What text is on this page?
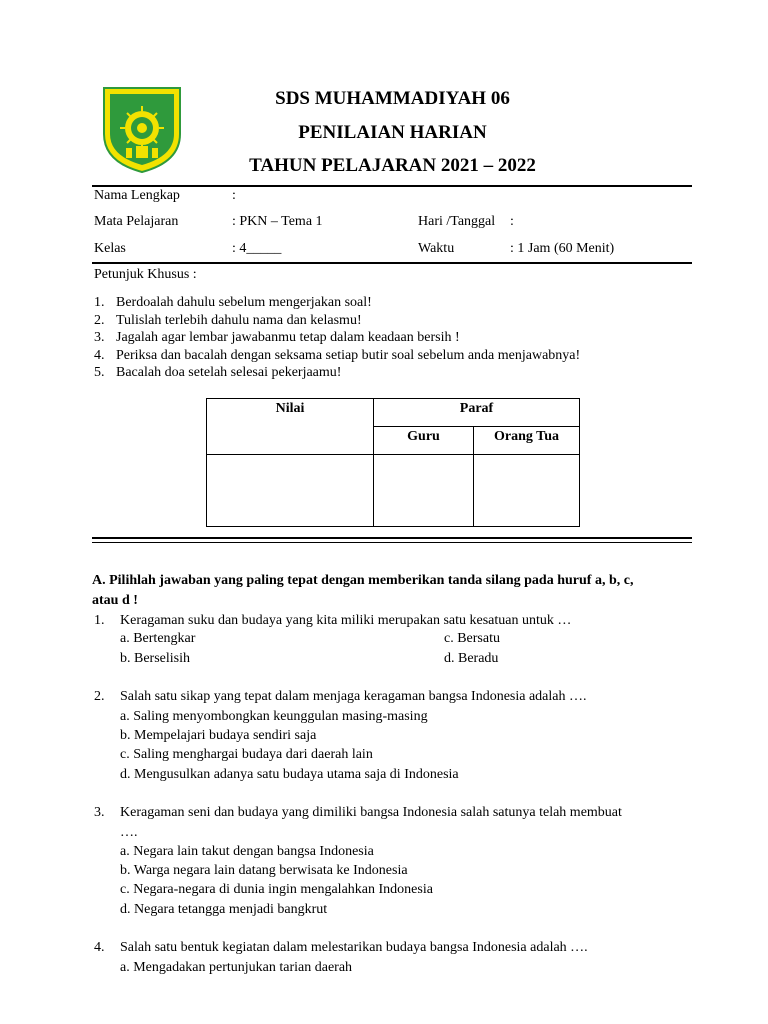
SDS MUHAMMADIYAH 06
PENILAIAN HARIAN
TAHUN PELAJARAN 2021 – 2022
Nama Lengkap	:
Mata Pelajaran	: PKN – Tema 1	Hari /Tanggal :
Kelas	: 4_____	Waktu	: 1 Jam (60 Menit)
Petunjuk Khusus :
1. Berdoalah dahulu sebelum mengerjakan soal!
2. Tulislah terlebih dahulu nama dan kelasmu!
3. Jagalah agar lembar jawabanmu tetap dalam keadaan bersih !
4. Periksa dan bacalah dengan seksama setiap butir soal sebelum anda menjawabnya!
5. Bacalah doa setelah selesai pekerjaamu!
Nilai	Paraf	
	Guru	Orang Tua

A. Pilihlah jawaban yang paling tepat dengan memberikan tanda silang pada huruf a, b, c,
atau d !
1. Keragaman suku dan budaya yang kita miliki merupakan satu kesatuan untuk …
a. Bertengkar
b. Berselisih
c. Bersatu
d. Beradu
2. Salah satu sikap yang tepat dalam menjaga keragaman bangsa Indonesia adalah ….
a. Saling menyombongkan keunggulan masing-masing
b. Mempelajari budaya sendiri saja
c. Saling menghargai budaya dari daerah lain
d. Mengusulkan adanya satu budaya utama saja di Indonesia
3. Keragaman seni dan budaya yang dimiliki bangsa Indonesia salah satunya telah membuat
….
a. Negara lain takut dengan bangsa Indonesia
b. Warga negara lain datang berwisata ke Indonesia
c. Negara-negara di dunia ingin mengalahkan Indonesia
d. Negara tetangga menjadi bangkrut
4. Salah satu bentuk kegiatan dalam melestarikan budaya bangsa Indonesia adalah ….
a. Mengadakan pertunjukan tarian daerah
